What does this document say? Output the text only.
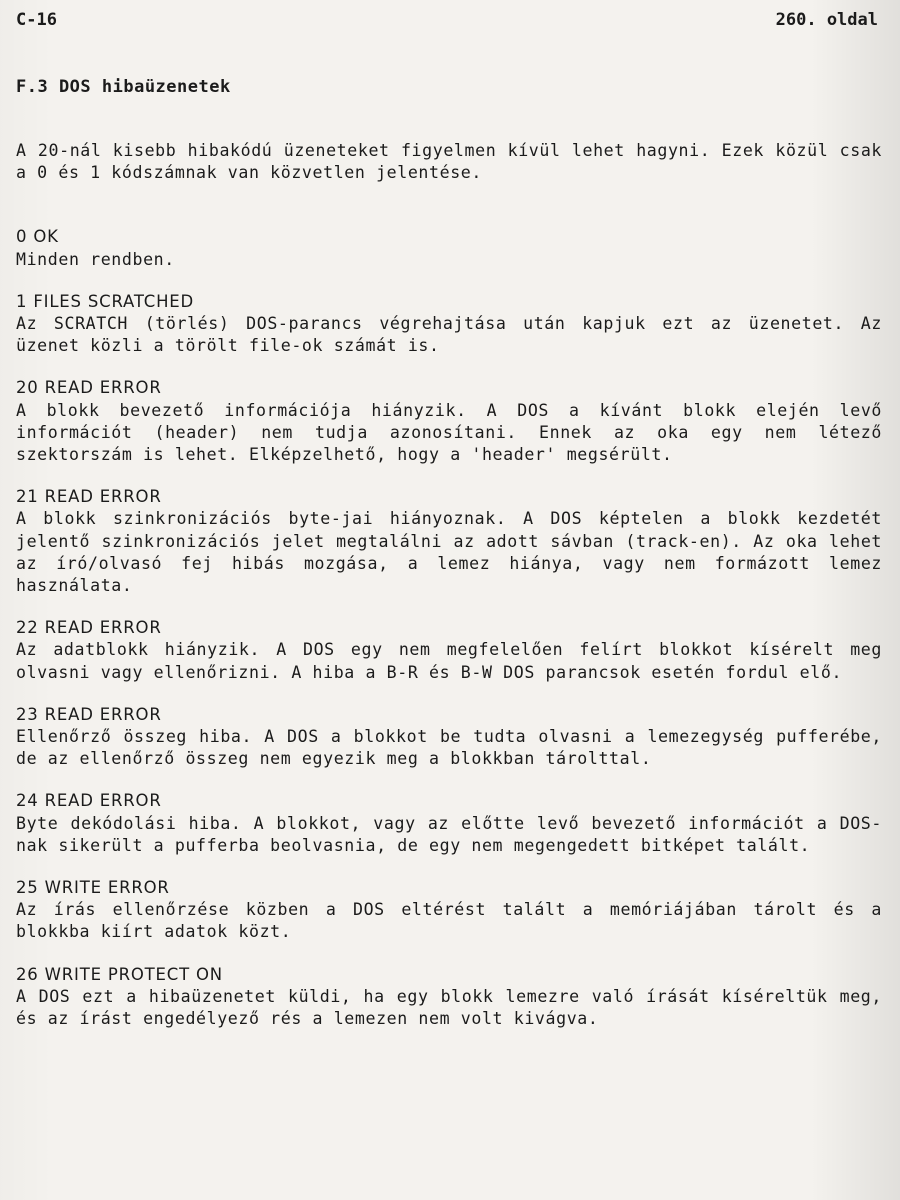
C-16	260. oldal
F.3 DOS hibaüzenetek
A 20-nál kisebb hibakódú üzeneteket figyelmen kívül lehet hagyni. Ezek közül csak a 0 és 1 kódszámnak van közvetlen jelentése.
0 OK
Minden rendben.
1 FILES SCRATCHED
Az SCRATCH (törlés) DOS-parancs végrehajtása után kapjuk ezt az üzenetet. Az üzenet közli a törölt file-ok számát is.
20 READ ERROR
A blokk bevezető információja hiányzik. A DOS a kívánt blokk elején levő információt (header) nem tudja azonosítani. Ennek az oka egy nem létező szektorszám is lehet. Elképzelhető, hogy a 'header' megsérült.
21 READ ERROR
A blokk szinkronizációs byte-jai hiányoznak. A DOS képtelen a blokk kezdetét jelentő szinkronizációs jelet megtalálni az adott sávban (track-en). Az oka lehet az író/olvasó fej hibás mozgása, a lemez hiánya, vagy nem formázott lemez használata.
22 READ ERROR
Az adatblokk hiányzik. A DOS egy nem megfelelően felírt blokkot kísérelt meg olvasni vagy ellenőrizni. A hiba a B-R és B-W DOS parancsok esetén fordul elő.
23 READ ERROR
Ellenőrző összeg hiba. A DOS a blokkot be tudta olvasni a lemezegység pufferébe, de az ellenőrző összeg nem egyezik meg a blokkban tárolttal.
24 READ ERROR
Byte dekódolási hiba. A blokkot, vagy az előtte levő bevezető információt a DOS-nak sikerült a pufferba beolvasnia, de egy nem megengedett bitképet talált.
25 WRITE ERROR
Az írás ellenőrzése közben a DOS eltérést talált a memóriájában tárolt és a blokkba kiírt adatok közt.
26 WRITE PROTECT ON
A DOS ezt a hibaüzenetet küldi, ha egy blokk lemezre való írását kíséreltük meg, és az írást engedélyező rés a lemezen nem volt kivágva.
